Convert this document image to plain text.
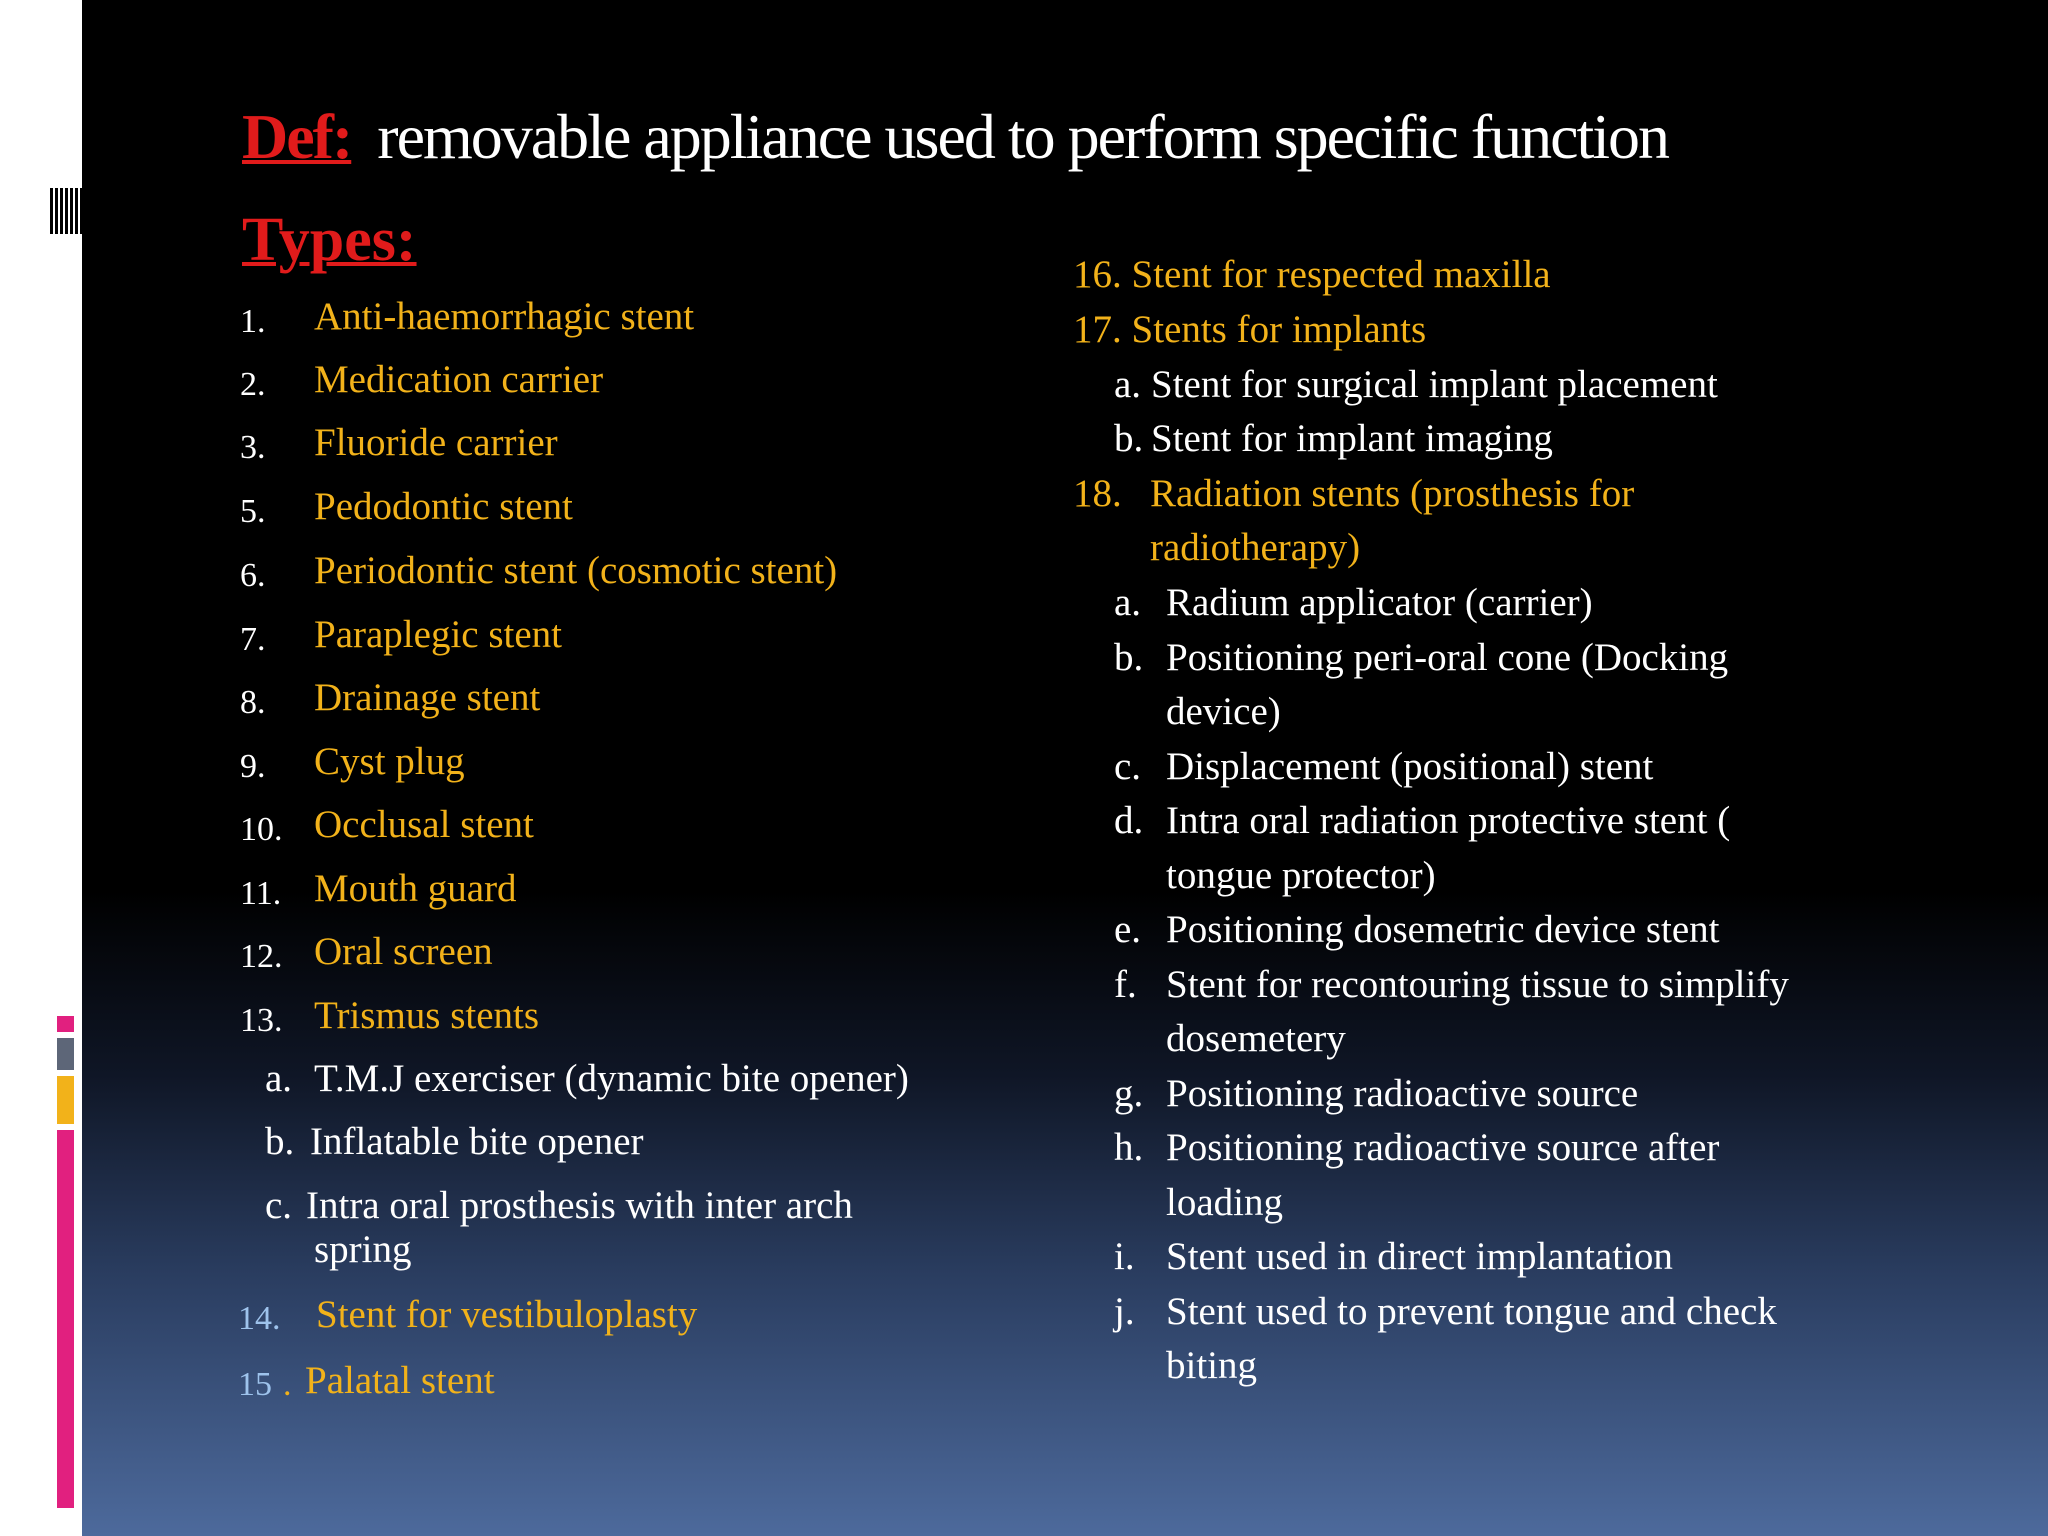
Def: removable appliance used to perform specific function
Types:
1. Anti-haemorrhagic stent
2. Medication carrier
3. Fluoride carrier
5. Pedodontic stent
6. Periodontic stent (cosmotic stent)
7. Paraplegic stent
8. Drainage stent
9. Cyst plug
10. Occlusal stent
11. Mouth guard
12. Oral screen
13. Trismus stents
a. T.M.J exerciser (dynamic bite opener)
b. Inflatable bite opener
c. Intra oral prosthesis with inter arch
spring
14. Stent for vestibuloplasty
15 . Palatal stent
16. Stent for respected maxilla
17. Stents for implants
a. Stent for surgical implant placement
b. Stent for implant imaging
18. Radiation stents (prosthesis for
radiotherapy)
a. Radium applicator (carrier)
b. Positioning peri-oral cone (Docking
device)
c. Displacement (positional) stent
d. Intra oral radiation protective stent (
tongue protector)
e. Positioning dosemetric device stent
f. Stent for recontouring tissue to simplify
dosemetery
g. Positioning radioactive source
h. Positioning radioactive source after
loading
i. Stent used in direct implantation
j. Stent used to prevent tongue and check
biting
